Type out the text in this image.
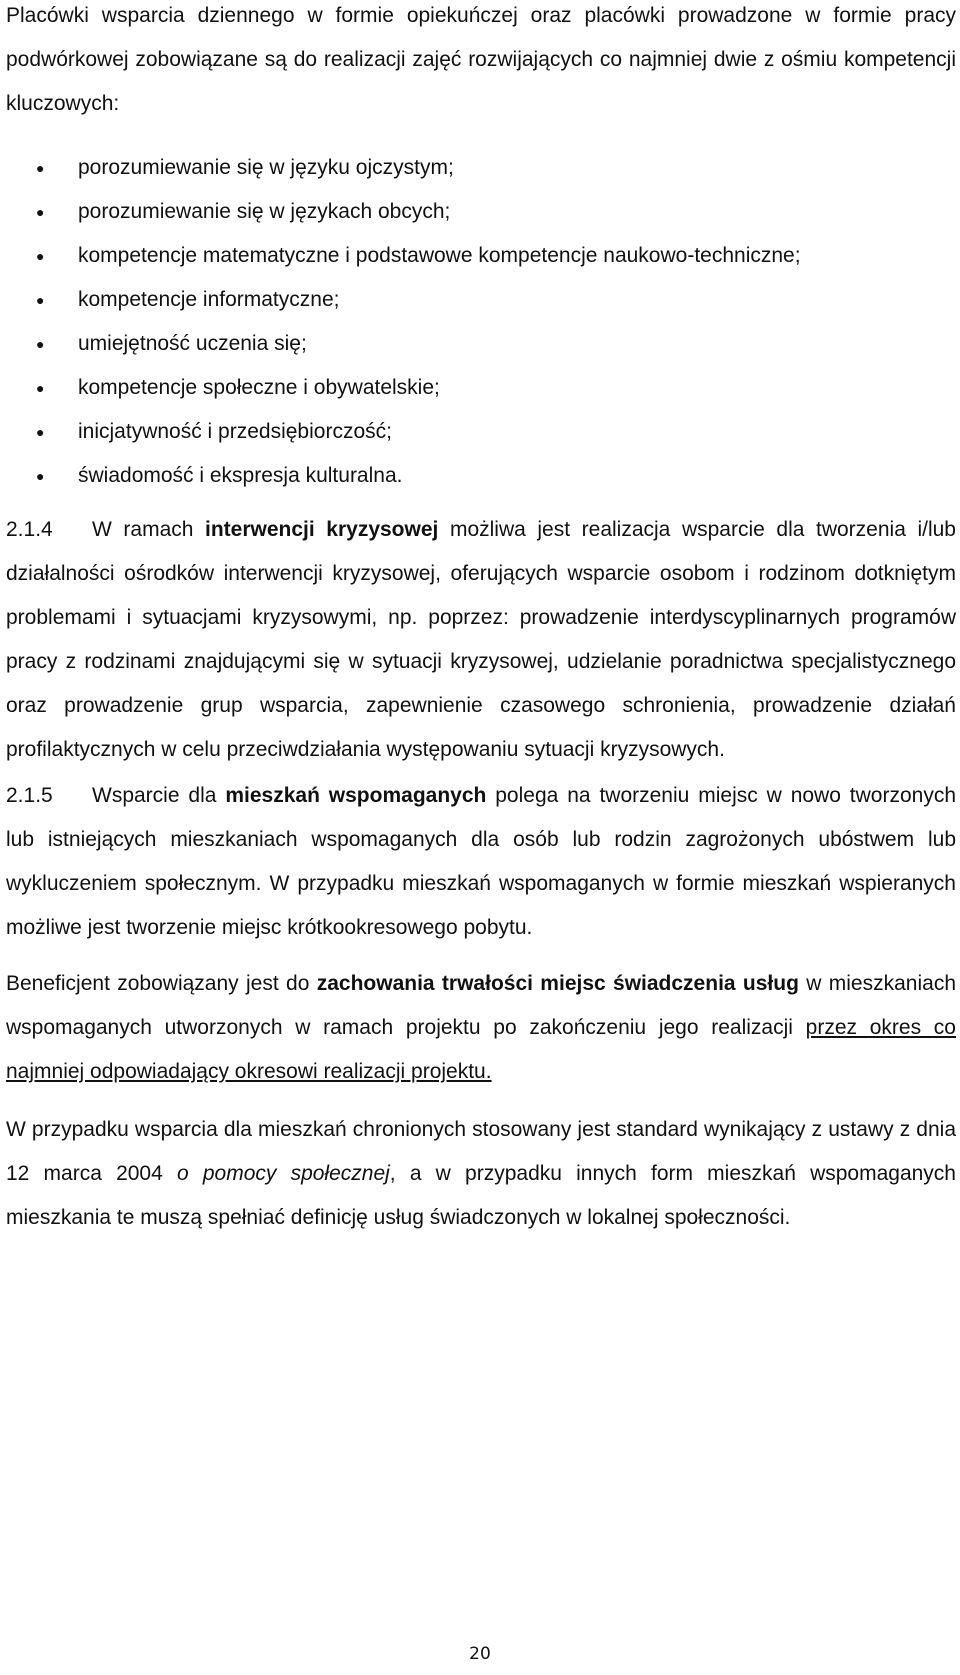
Placówki wsparcia dziennego w formie opiekuńczej oraz placówki prowadzone w formie pracy podwórkowej zobowiązane są do realizacji zajęć rozwijających co najmniej dwie z ośmiu kompetencji kluczowych:

● porozumiewanie się w języku ojczystym;
● porozumiewanie się w językach obcych;
● kompetencje matematyczne i podstawowe kompetencje naukowo-techniczne;
● kompetencje informatyczne;
● umiejętność uczenia się;
● kompetencje społeczne i obywatelskie;
● inicjatywność i przedsiębiorczość;
● świadomość i ekspresja kulturalna.

2.1.4 W ramach interwencji kryzysowej możliwa jest realizacja wsparcie dla tworzenia i/lub działalności ośrodków interwencji kryzysowej, oferujących wsparcie osobom i rodzinom dotkniętym problemami i sytuacjami kryzysowymi, np. poprzez: prowadzenie interdyscyplinarnych programów pracy z rodzinami znajdującymi się w sytuacji kryzysowej, udzielanie poradnictwa specjalistycznego oraz prowadzenie grup wsparcia, zapewnienie czasowego schronienia, prowadzenie działań profilaktycznych w celu przeciwdziałania występowaniu sytuacji kryzysowych.

2.1.5 Wsparcie dla mieszkań wspomaganych polega na tworzeniu miejsc w nowo tworzonych lub istniejących mieszkaniach wspomaganych dla osób lub rodzin zagrożonych ubóstwem lub wykluczeniem społecznym. W przypadku mieszkań wspomaganych w formie mieszkań wspieranych możliwe jest tworzenie miejsc krótkookresowego pobytu.

Beneficjent zobowiązany jest do zachowania trwałości miejsc świadczenia usług w mieszkaniach wspomaganych utworzonych w ramach projektu po zakończeniu jego realizacji przez okres co najmniej odpowiadający okresowi realizacji projektu.

W przypadku wsparcia dla mieszkań chronionych stosowany jest standard wynikający z ustawy z dnia 12 marca 2004 o pomocy społecznej, a w przypadku innych form mieszkań wspomaganych mieszkania te muszą spełniać definicję usług świadczonych w lokalnej społeczności.

20
